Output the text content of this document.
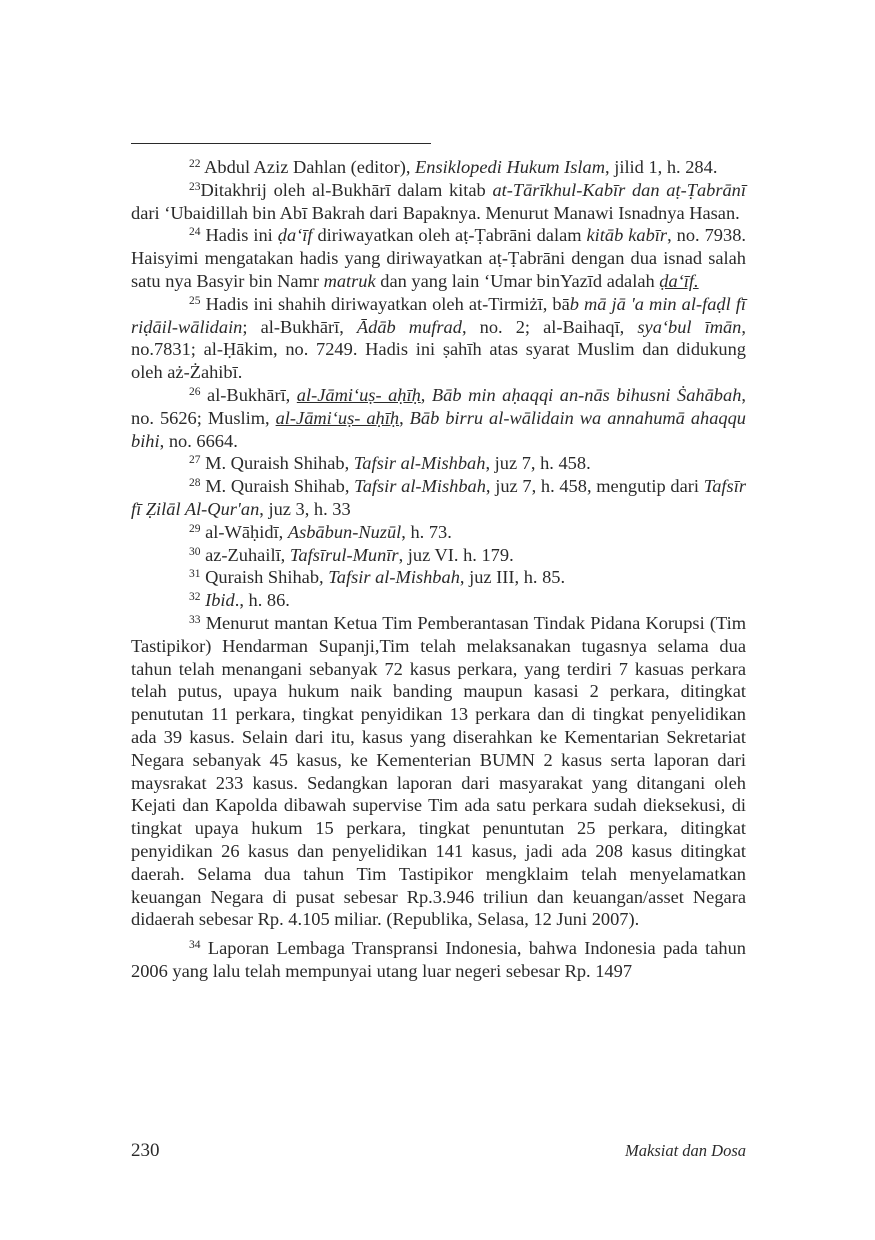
$^{22}$ Abdul Aziz Dahlan (editor), Ensiklopedi Hukum Islam, jilid 1, h. 284.

$^{23}$Ditakhrij oleh al-Bukhārī dalam kitab at-Tārīkhul-Kabīr dan aṭ-Ṭabrānī dari ‘Ubaidillah bin Abī Bakrah dari Bapaknya. Menurut Manawi Isnadnya Hasan.

$^{24}$ Hadis ini ḍa‘īf diriwayatkan oleh aṭ-Ṭabrāni dalam kitāb kabīr, no. 7938. Haisyimi mengatakan hadis yang diriwayatkan aṭ-Ṭabrāni dengan dua isnad salah satu nya Basyir bin Namr matruk dan yang lain ‘Umar binYazīd adalah ḍa‘īf.

$^{25}$ Hadis ini shahih diriwayatkan oleh at-Tirmiżī, bāb mā jā 'a min al-faḍl fī riḍāil-wālidain; al-Bukhārī, Ādāb mufrad, no. 2; al-Baihaqī, sya‘bul īmān, no.7831; al-Ḥākim, no. 7249. Hadis ini ṣahīh atas syarat Muslim dan didukung oleh aż-Żahibī.

$^{26}$ al-Bukhārī, al-Jāmi‘uṣ- aḥīḥ, Bāb min aḥaqqi an-nās bihusni Ṡahābah, no. 5626; Muslim, al-Jāmi‘uṣ- aḥīḥ, Bāb birru al-wālidain wa annahumā ahaqqu bihi, no. 6664.

$^{27}$ M. Quraish Shihab, Tafsir al-Mishbah, juz 7, h. 458.

$^{28}$ M. Quraish Shihab, Tafsir al-Mishbah, juz 7, h. 458, mengutip dari Tafsīr fī Ẓilāl Al-Qur'an, juz 3, h. 33

$^{29}$ al-Wāḥidī, Asbābun-Nuzūl, h. 73.

$^{30}$ az-Zuhailī, Tafsīrul-Munīr, juz VI. h. 179.

$^{31}$ Quraish Shihab, Tafsir al-Mishbah, juz III, h. 85.

$^{32}$ Ibid., h. 86.

$^{33}$ Menurut mantan Ketua Tim Pemberantasan Tindak Pidana Korupsi (Tim Tastipikor) Hendarman Supanji,Tim telah melaksanakan tugasnya selama dua tahun telah menangani sebanyak 72 kasus perkara, yang terdiri 7 kasuas perkara telah putus, upaya hukum naik banding maupun kasasi 2 perkara, ditingkat penututan 11 perkara, tingkat penyidikan 13 perkara dan di tingkat penyelidikan ada 39 kasus. Selain dari itu, kasus yang diserahkan ke Kementarian Sekretariat Negara sebanyak 45 kasus, ke Kementerian BUMN 2 kasus serta laporan dari maysrakat 233 kasus. Sedangkan laporan dari masyarakat yang ditangani oleh Kejati dan Kapolda dibawah supervise Tim ada satu perkara sudah dieksekusi, di tingkat upaya hukum 15 perkara, tingkat penuntutan 25 perkara, ditingkat penyidikan 26 kasus dan penyelidikan 141 kasus, jadi ada 208 kasus ditingkat daerah. Selama dua tahun Tim Tastipikor mengklaim telah menyelamatkan keuangan Negara di pusat sebesar Rp.3.946 triliun dan keuangan/asset Negara didaerah sebesar Rp. 4.105 miliar. (Republika, Selasa, 12 Juni 2007).

$^{34}$ Laporan Lembaga Transpransi Indonesia, bahwa Indonesia pada tahun 2006 yang lalu telah mempunyai utang luar negeri sebesar Rp. 1497

230	Maksiat dan Dosa
